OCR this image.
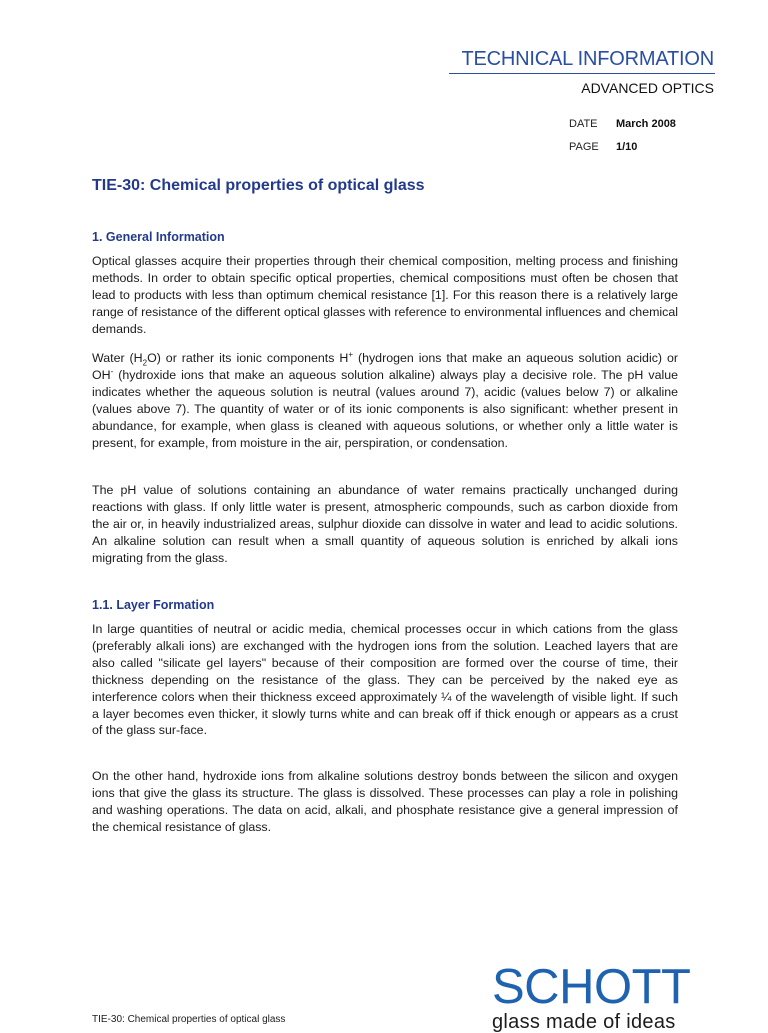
TECHNICAL INFORMATION
ADVANCED OPTICS
DATE March 2008
PAGE 1/10
TIE-30: Chemical properties of optical glass
1. General Information

Optical glasses acquire their properties through their chemical composition, melting process and finishing methods. In order to obtain specific optical properties, chemical compositions must often be chosen that lead to products with less than optimum chemical resistance [1]. For this reason there is a relatively large range of resistance of the different optical glasses with reference to environmental influences and chemical demands.

Water $(H_2O)$ or rather its ionic components H+ (hydrogen ions that make an aqueous solution acidic) or OH- (hydroxide ions that make an aqueous solution alkaline) always play a decisive role. The pH value indicates whether the aqueous solution is neutral (values around 7), acidic (values below 7) or alkaline (values above 7). The quantity of water or of its ionic components is also significant: whether present in abundance, for example, when glass is cleaned with aqueous solutions, or whether only a little water is present, for example, from moisture in the air, perspiration, or condensation.

The pH value of solutions containing an abundance of water remains practically unchanged during reactions with glass. If only little water is present, atmospheric compounds, such as carbon dioxide from the air or, in heavily industrialized areas, sulphur dioxide can dissolve in water and lead to acidic solutions. An alkaline solution can result when a small quantity of aqueous solution is enriched by alkali ions migrating from the glass.

1.1. Layer Formation

In large quantities of neutral or acidic media, chemical processes occur in which cations from the glass (preferably alkali ions) are exchanged with the hydrogen ions from the solution. Leached layers that are also called "silicate gel layers" because of their composition are formed over the course of time, their thickness depending on the resistance of the glass. They can be perceived by the naked eye as interference colors when their thickness exceed approximately ¼ of the wavelength of visible light. If such a layer becomes even thicker, it slowly turns white and can break off if thick enough or appears as a crust of the glass sur-face.

On the other hand, hydroxide ions from alkaline solutions destroy bonds between the silicon and oxygen ions that give the glass its structure. The glass is dissolved. These processes can play a role in polishing and washing operations. The data on acid, alkali, and phosphate resistance give a general impression of the chemical resistance of glass.

TIE-30: Chemical properties of optical glass
SCHOTT
glass made of ideas
